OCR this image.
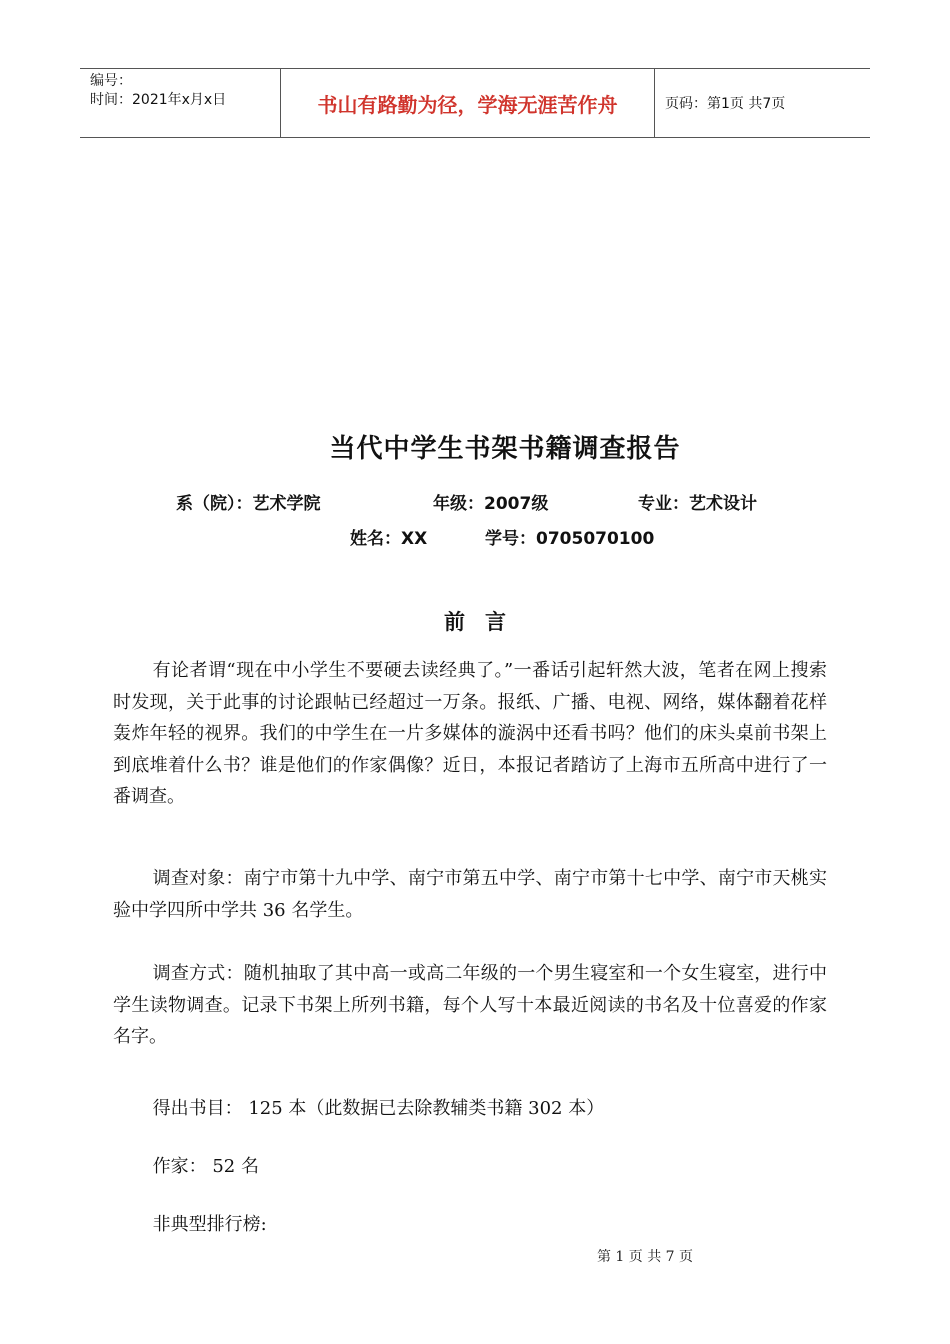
编号：
时间：2021年x月x日	书山有路勤为径，学海无涯苦作舟	页码：第1页 共7页
当代中学生书架书籍调查报告
系（院）：艺术学院	年级：2007级	专业：艺术设计
姓名：XX	学号：0705070100
前言
有论者谓“现在中小学生不要硬去读经典了。”一番话引起轩然大波，笔者在网上搜索时发现，关于此事的讨论跟帖已经超过一万条。报纸、广播、电视、网络，媒体翻着花样轰炸年轻的视界。我们的中学生在一片多媒体的漩涡中还看书吗？他们的床头桌前书架上到底堆着什么书？谁是他们的作家偶像？近日，本报记者踏访了上海市五所高中进行了一番调查。
调查对象：南宁市第十九中学、南宁市第五中学、南宁市第十七中学、南宁市天桃实验中学四所中学共 36 名学生。
调查方式：随机抽取了其中高一或高二年级的一个男生寝室和一个女生寝室，进行中学生读物调查。记录下书架上所列书籍，每个人写十本最近阅读的书名及十位喜爱的作家名字。
得出书目： 125 本（此数据已去除教辅类书籍 302 本）
作家： 52 名
非典型排行榜:
第 1 页 共 7 页
